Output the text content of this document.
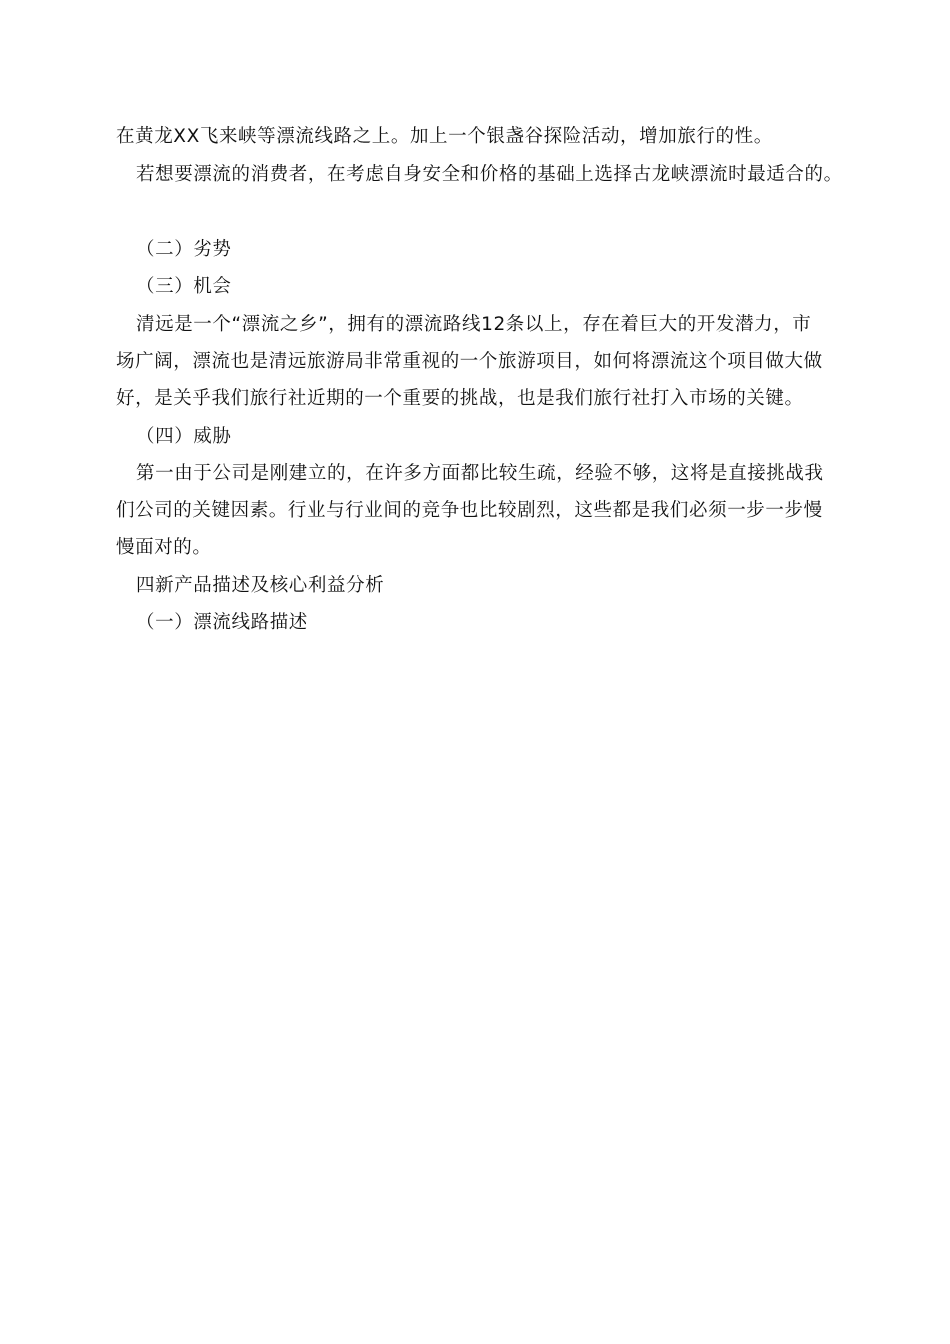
在黄龙XX飞来峡等漂流线路之上。加上一个银盏谷探险活动，增加旅行的性。
若想要漂流的消费者，在考虑自身安全和价格的基础上选择古龙峡漂流时最适合的。
（二）劣势
（三）机会
清远是一个“漂流之乡”，拥有的漂流路线12条以上，存在着巨大的开发潜力，市
场广阔，漂流也是清远旅游局非常重视的一个旅游项目，如何将漂流这个项目做大做
好，是关乎我们旅行社近期的一个重要的挑战，也是我们旅行社打入市场的关键。
（四）威胁
第一由于公司是刚建立的，在许多方面都比较生疏，经验不够，这将是直接挑战我
们公司的关键因素。行业与行业间的竞争也比较剧烈，这些都是我们必须一步一步慢
慢面对的。
四新产品描述及核心利益分析
（一）漂流线路描述
